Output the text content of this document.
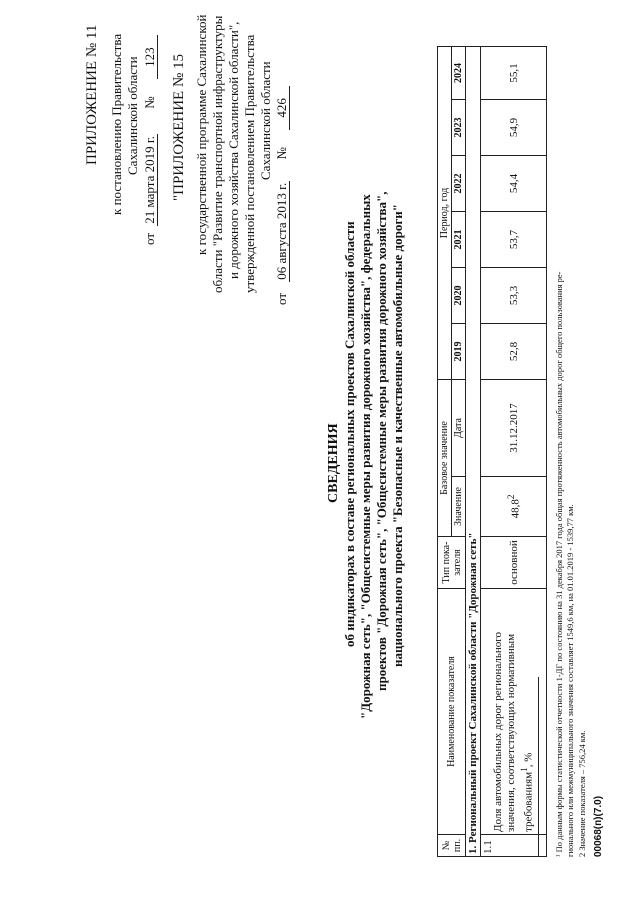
ПРИЛОЖЕНИЕ № 11 к постановлению Правительства Сахалинской области
от 21 марта 2019 г. № 123 "ПРИЛОЖЕНИЕ № 15 к государственной программе Сахалинской области "Развитие транспортной инфраструктуры и дорожного хозяйства Сахалинской области", утвержденной постановлением Правительства Сахалинской области
от 06 августа 2013 г. № 426
СВЕДЕНИЯ об индикаторах в составе региональных проектов Сахалинской области "Дорожная сеть", "Общесистемные меры развития дорожного хозяйства", федеральных проектов "Дорожная сеть", "Общесистемные меры развития дорожного хозяйства", национального проекта "Безопасные и качественные автомобильные дороги"
№ пп.	Наименование показателя	Тип пока-зателя	Базовое значение		Период, год					
			Значение	Дата	2019	2020	2021	2022	2023	2024
1. Региональный проект Сахалинской области "Дорожная сеть"										
1.1	Доля автомобильных дорог регионального значения, соответствующих нормативным требованиям$^1$, %	основной	48,8$^2$	31.12.2017	52,8	53,3	53,7	54,4	54,9	55,1
¹ По данным формы статистической отчетности 1-ДГ по состоянию на 31 декабря 2017 года общая протяженность автомобильных дорог общего пользования ре- гионального или межмуниципального значения составляет 1549,6 км, на 01.01.2019 - 1539,77 км. 2 Значение показателя – 756,24 км. 00068(п)(7.0)
